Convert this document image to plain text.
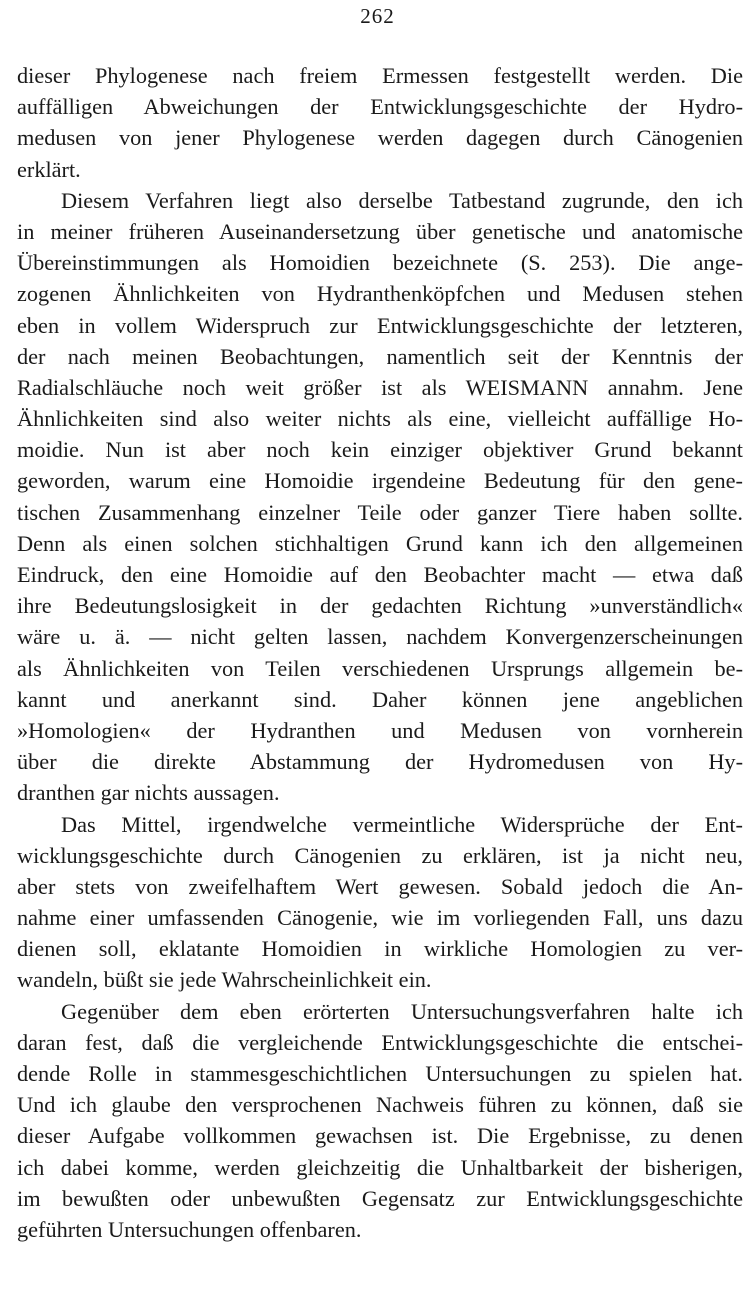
262
dieser Phylogenese nach freiem Ermessen festgestellt werden. Die
auffälligen Abweichungen der Entwicklungsgeschichte der Hydro-
medusen von jener Phylogenese werden dagegen durch Cänogenien
erklärt.
Diesem Verfahren liegt also derselbe Tatbestand zugrunde, den ich
in meiner früheren Auseinandersetzung über genetische und anatomische
Übereinstimmungen als Homoidien bezeichnete (S. 253). Die ange-
zogenen Ähnlichkeiten von Hydranthenköpfchen und Medusen stehen
eben in vollem Widerspruch zur Entwicklungsgeschichte der letzteren,
der nach meinen Beobachtungen, namentlich seit der Kenntnis der
Radialschläuche noch weit größer ist als WEISMANN annahm. Jene
Ähnlichkeiten sind also weiter nichts als eine, vielleicht auffällige Ho-
moidie. Nun ist aber noch kein einziger objektiver Grund bekannt
geworden, warum eine Homoidie irgendeine Bedeutung für den gene-
tischen Zusammenhang einzelner Teile oder ganzer Tiere haben sollte.
Denn als einen solchen stichhaltigen Grund kann ich den allgemeinen
Eindruck, den eine Homoidie auf den Beobachter macht — etwa daß
ihre Bedeutungslosigkeit in der gedachten Richtung »unverständlich«
wäre u. ä. — nicht gelten lassen, nachdem Konvergenzerscheinungen
als Ähnlichkeiten von Teilen verschiedenen Ursprungs allgemein be-
kannt und anerkannt sind. Daher können jene angeblichen
»Homologien« der Hydranthen und Medusen von vornherein
über die direkte Abstammung der Hydromedusen von Hy-
dranthen gar nichts aussagen.
Das Mittel, irgendwelche vermeintliche Widersprüche der Ent-
wicklungsgeschichte durch Cänogenien zu erklären, ist ja nicht neu,
aber stets von zweifelhaftem Wert gewesen. Sobald jedoch die An-
nahme einer umfassenden Cänogenie, wie im vorliegenden Fall, uns dazu
dienen soll, eklatante Homoidien in wirkliche Homologien zu ver-
wandeln, büßt sie jede Wahrscheinlichkeit ein.
Gegenüber dem eben erörterten Untersuchungsverfahren halte ich
daran fest, daß die vergleichende Entwicklungsgeschichte die entschei-
dende Rolle in stammesgeschichtlichen Untersuchungen zu spielen hat.
Und ich glaube den versprochenen Nachweis führen zu können, daß sie
dieser Aufgabe vollkommen gewachsen ist. Die Ergebnisse, zu denen
ich dabei komme, werden gleichzeitig die Unhaltbarkeit der bisherigen,
im bewußten oder unbewußten Gegensatz zur Entwicklungsgeschichte
geführten Untersuchungen offenbaren.
